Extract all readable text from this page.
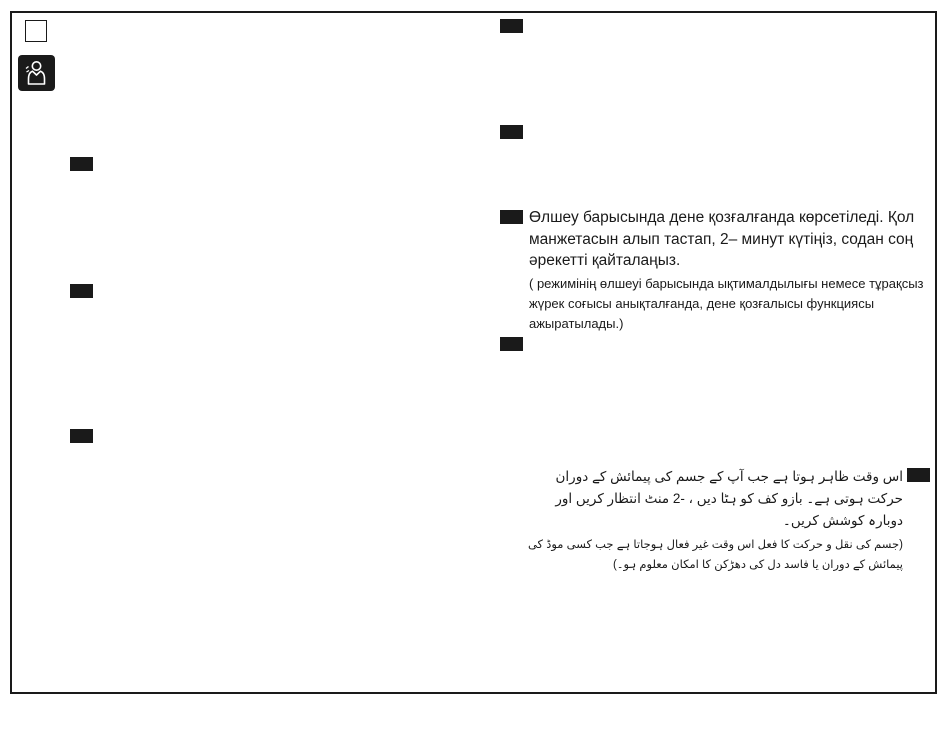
Өлшеу барысында дене қозғалғанда көрсетіледі. Қол манжетасын алып тастап, 2– минут күтіңіз, содан соң әрекетті қайталаңыз.

( режимінің өлшеуі барысында ықтималдылығы немесе тұрақсыз жүрек соғысы анықталғанда, дене қозғалысы функциясы ажыратылады.)

اس وقت ظاہر ہوتا ہے جب آپ کے جسم کی پیمائش کے دوران حرکت ہوتی ہے۔ بازو کف کو ہٹا دیں ، -2 منٹ انتظار کریں اور دوبارہ کوشش کریں۔

(جسم کی نقل و حرکت کا فعل اس وقت غیر فعال ہوجاتا ہے جب کسی موڈ کی پیمائش کے دوران یا فاسد دل کی دھڑکن کا امکان معلوم ہو۔)
